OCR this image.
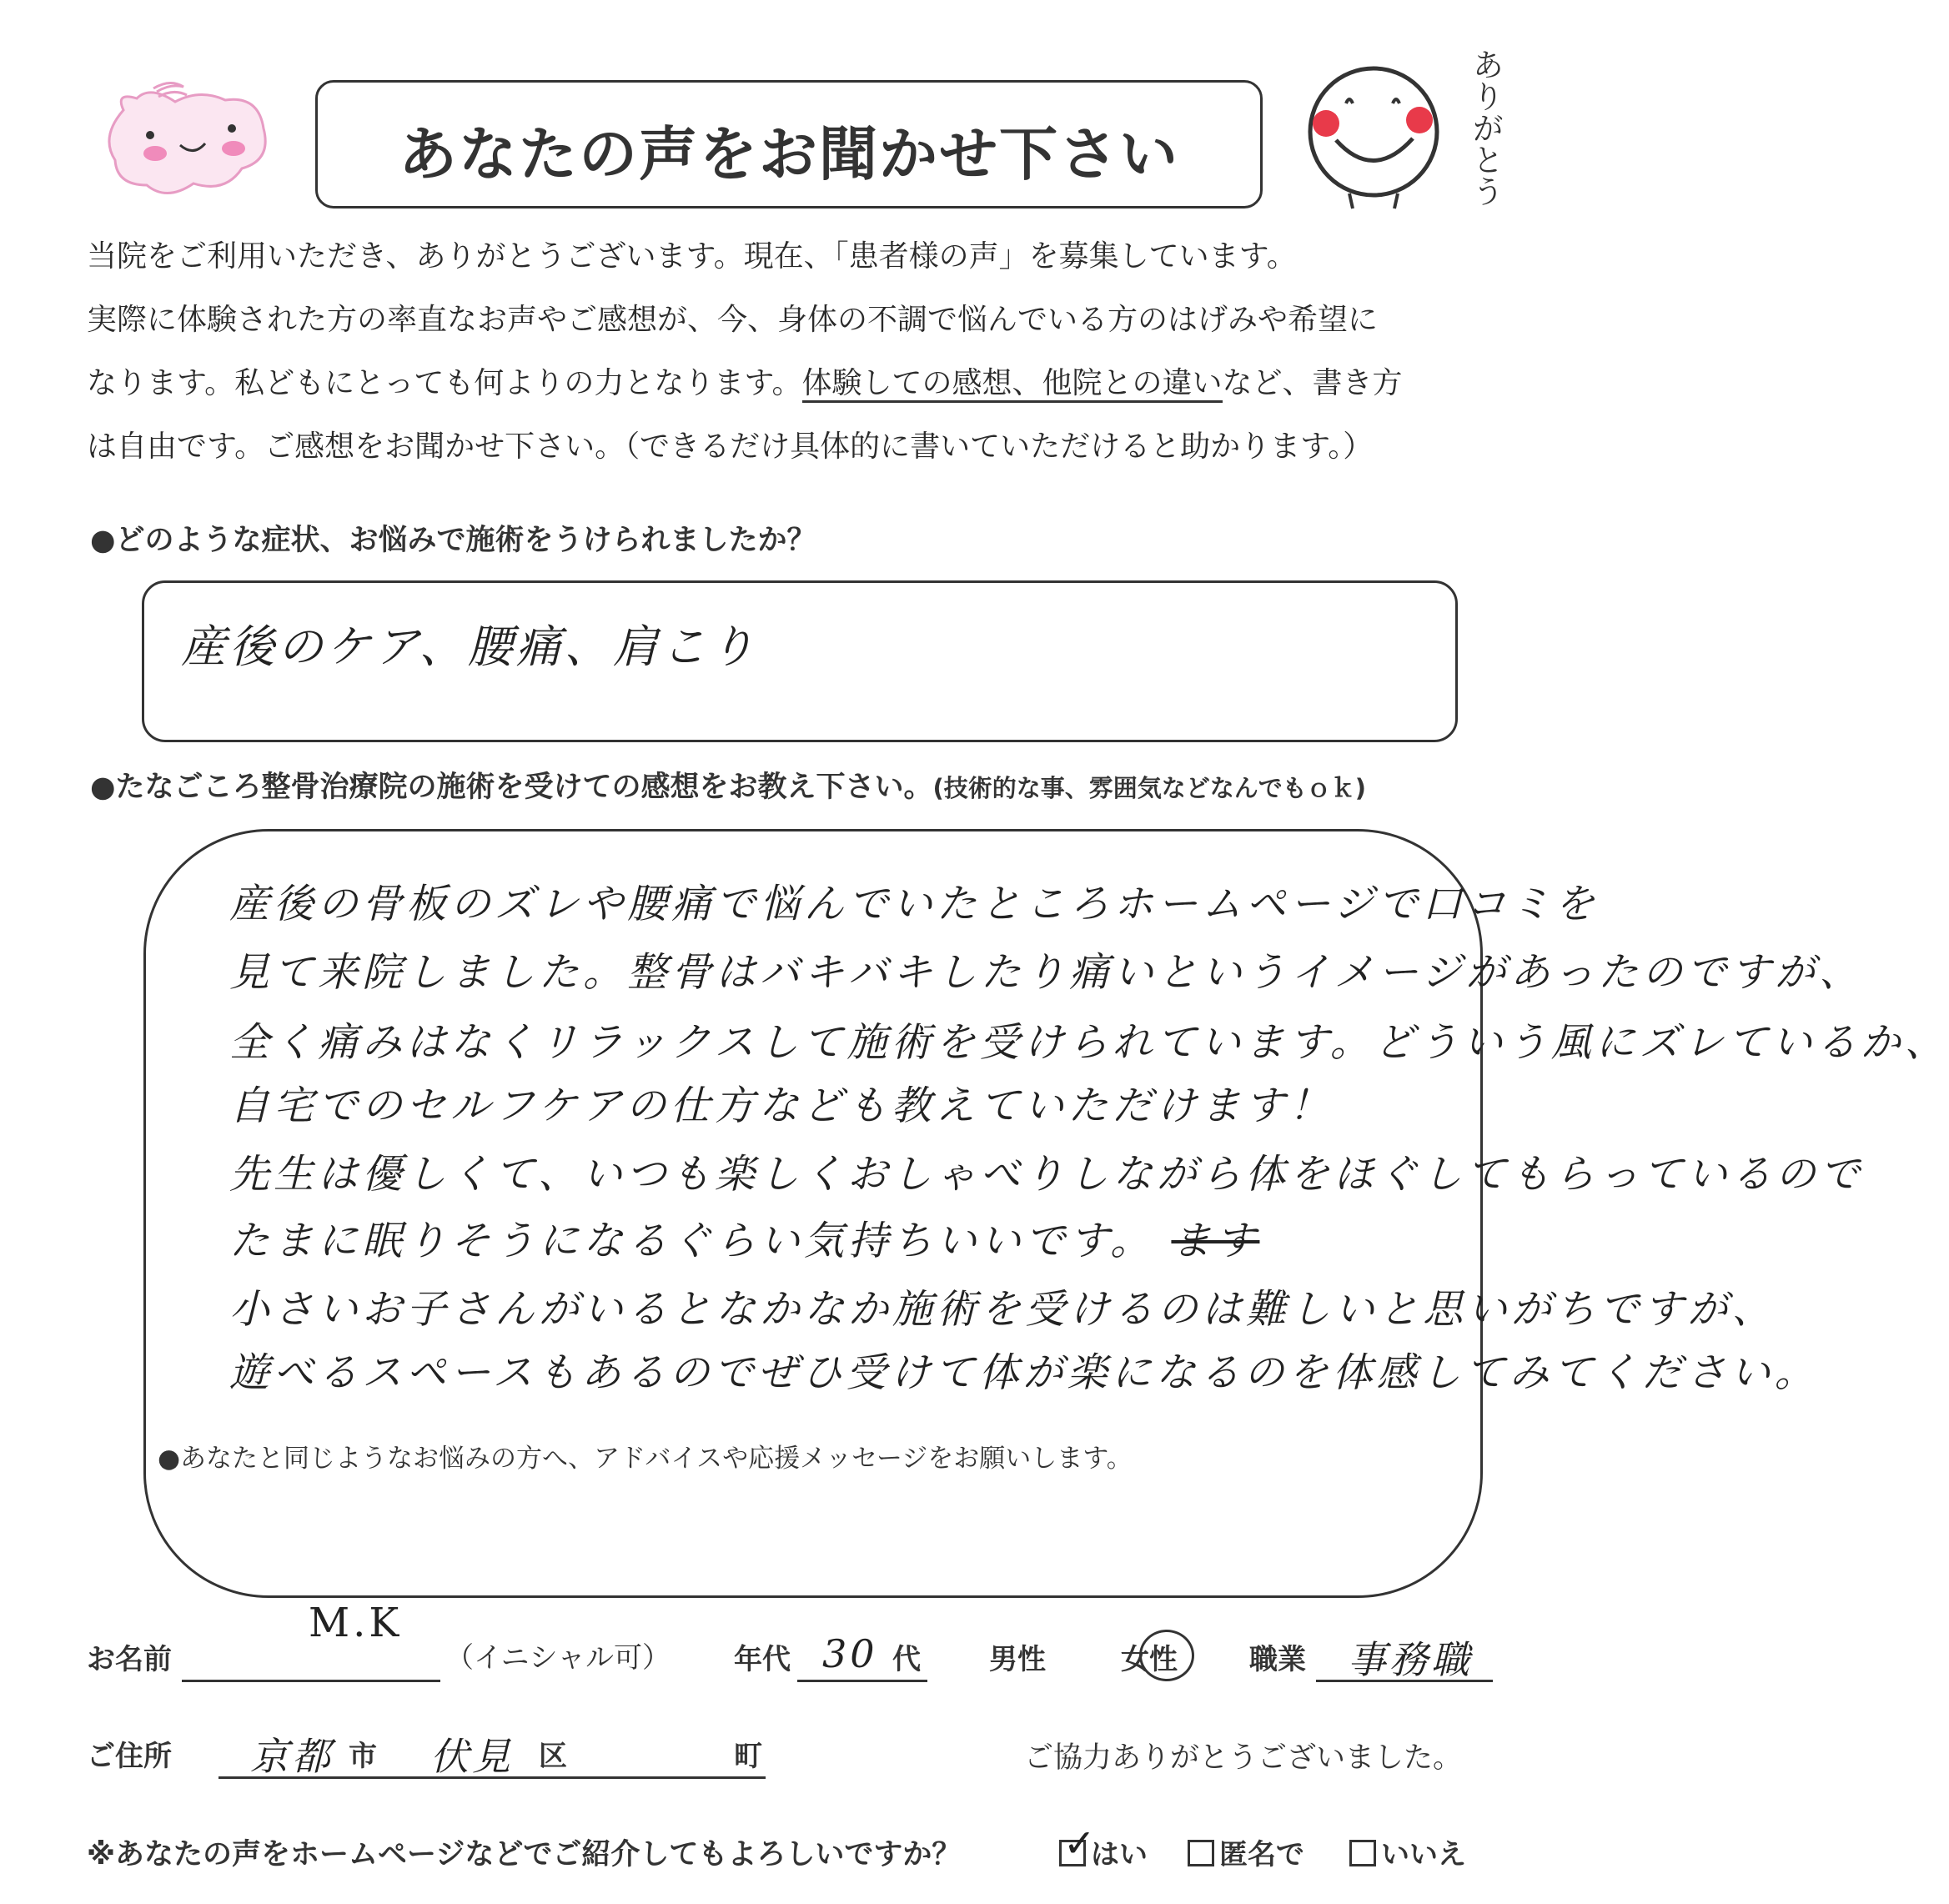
あなたの声をお聞かせ下さい	ありがとう

当院をご利用いただき、ありがとうございます。現在、「患者様の声」を募集しています。

実際に体験された方の率直なお声やご感想が、今、身体の不調で悩んでいる方のはげみや希望に

なります。私どもにとっても何よりの力となります。体験しての感想、他院との違いなど、書き方

は自由です。ご感想をお聞かせ下さい。（できるだけ具体的に書いていただけると助かります。）

●どのような症状、お悩みで施術をうけられましたか？
産後のケア、腰痛、肩こり
●たなごころ整骨治療院の施術を受けての感想をお教え下さい。(技術的な事、雰囲気などなんでもｏｋ)
産後の骨板のズレや腰痛で悩んでいたところホームページで口コミを
見て来院しました。整骨はバキバキしたり痛いというイメージがあったのですが、
全く痛みはなくリラックスして施術を受けられています。どういう風にズレているか、
自宅でのセルフケアの仕方なども教えていただけます！
先生は優しくて、いつも楽しくおしゃべりしながら体をほぐしてもらっているので
たまに眠りそうになるぐらい気持ちいいです。 ます
小さいお子さんがいるとなかなか施術を受けるのは難しいと思いがちですが、
遊べるスペースもあるのでぜひ受けて体が楽になるのを体感してみてください。
●あなたと同じようなお悩みの方へ、アドバイスや応援メッセージをお願いします。
お名前
M.K
（イニシャル可） 年代 30 代 男性	女性	職業 事務職
ご住所 京都 市 伏見 区	町	ご協力ありがとうございました。
※あなたの声をホームページなどでご紹介してもよろしいですか？
✓	はい	匿名で	いいえ
